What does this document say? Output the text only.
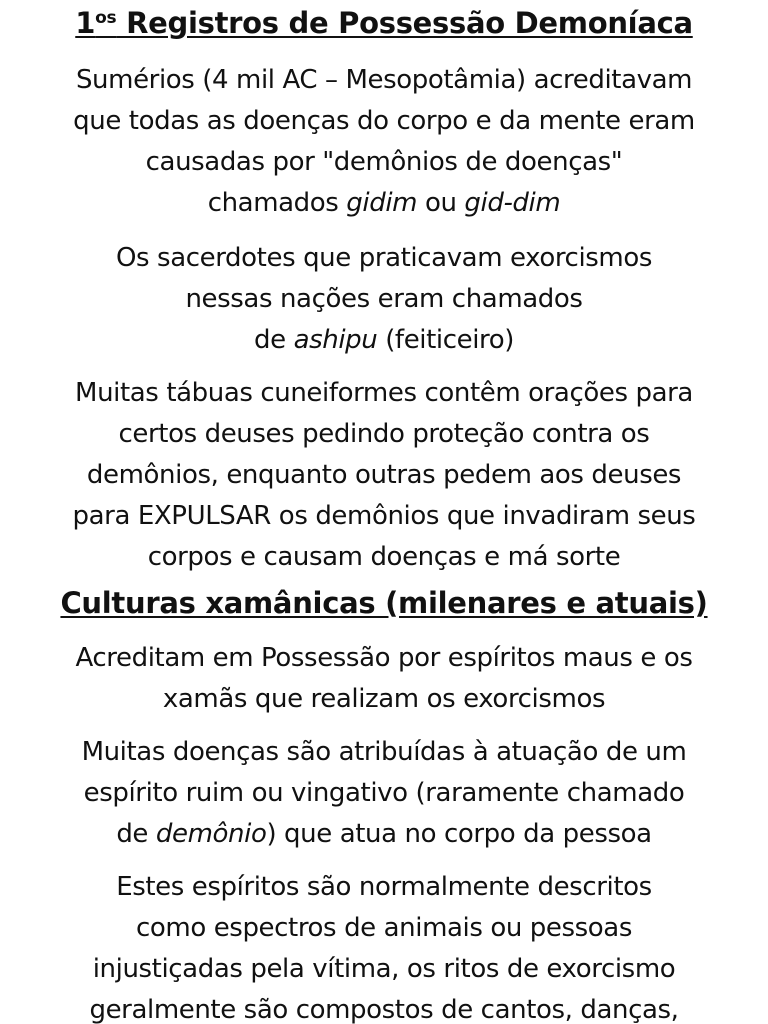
$1^{os}$ Registros de Possessão Demoníaca
Sumérios (4 mil AC – Mesopotâmia) acreditavam
que todas as doenças do corpo e da mente eram
causadas por "demônios de doenças"
chamados gidim ou gid-dim
Os sacerdotes que praticavam exorcismos
nessas nações eram chamados
de ashipu (feiticeiro)
Muitas tábuas cuneiformes contêm orações para
certos deuses pedindo proteção contra os
demônios, enquanto outras pedem aos deuses
para EXPULSAR os demônios que invadiram seus
corpos e causam doenças e má sorte
Culturas xamânicas (milenares e atuais)
Acreditam em Possessão por espíritos maus e os
xamãs que realizam os exorcismos
Muitas doenças são atribuídas à atuação de um
espírito ruim ou vingativo (raramente chamado
de demônio) que atua no corpo da pessoa
Estes espíritos são normalmente descritos
como espectros de animais ou pessoas
injustiçadas pela vítima, os ritos de exorcismo
geralmente são compostos de cantos, danças,
